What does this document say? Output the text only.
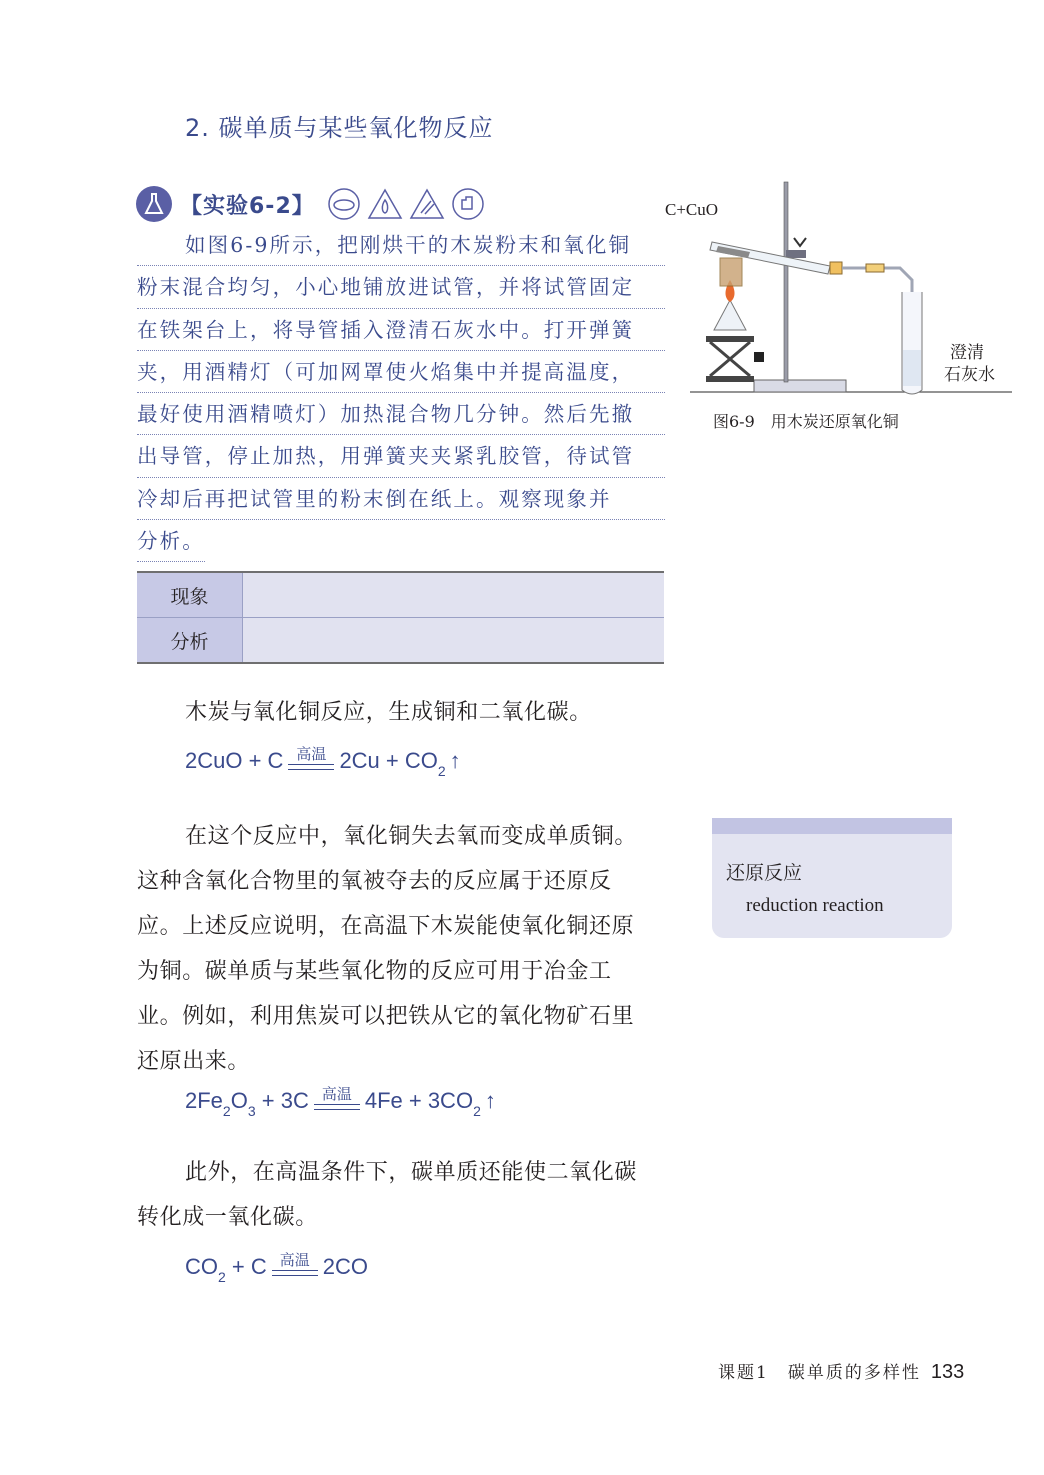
2. 碳单质与某些氧化物反应
【实验6-2】
如图6-9所示，把刚烘干的木炭粉末和氧化铜
粉末混合均匀，小心地铺放进试管，并将试管固定
在铁架台上，将导管插入澄清石灰水中。打开弹簧
夹，用酒精灯（可加网罩使火焰集中并提高温度，
最好使用酒精喷灯）加热混合物几分钟。然后先撤
出导管，停止加热，用弹簧夹夹紧乳胶管，待试管
冷却后再把试管里的粉末倒在纸上。观察现象并
分析。
现象	
分析	
木炭与氧化铜反应，生成铜和二氧化碳。
2CuO + C 高温 $2Cu + CO_2$ ↑
在这个反应中，氧化铜失去氧而变成单质铜。
这种含氧化合物里的氧被夺去的反应属于还原反
应。上述反应说明，在高温下木炭能使氧化铜还原
为铜。碳单质与某些氧化物的反应可用于冶金工
业。例如，利用焦炭可以把铁从它的氧化物矿石里
还原出来。
$2Fe_2$ $O_3 + 3C$ 高温 $4Fe + 3CO_2$ ↑
此外，在高温条件下，碳单质还能使二氧化碳
转化成一氧化碳。
$CO_2 + C$ 高温 2CO
还原反应
reduction reaction
C+CuO
澄清
石灰水
图6-9　用木炭还原氧化铜
课题1　碳单质的多样性 133
